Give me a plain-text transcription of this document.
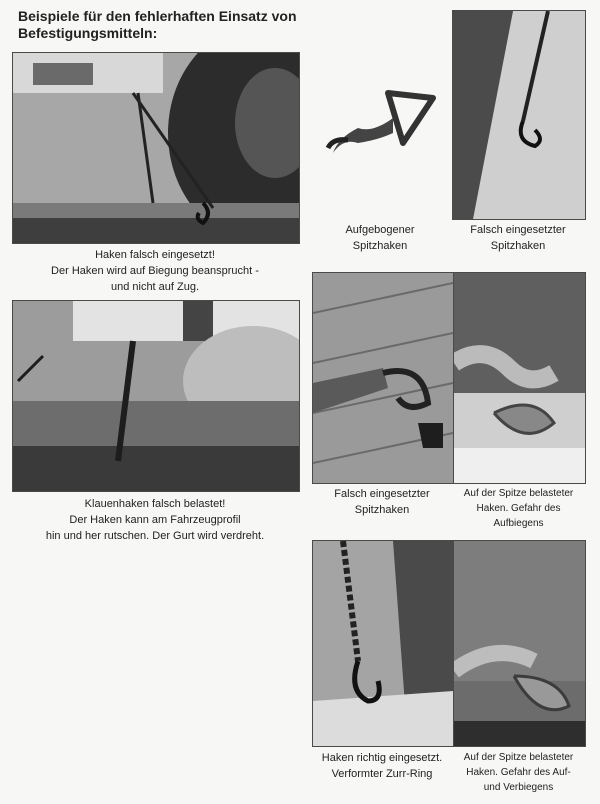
Beispiele für den fehlerhaften Einsatz von
Befestigungsmitteln:
Haken falsch eingesetzt!
Der Haken wird auf Biegung beansprucht -
und nicht auf Zug.
Klauenhaken falsch belastet!
Der Haken kann am Fahrzeugprofil
hin und her rutschen. Der Gurt wird verdreht.
Aufgebogener
Spitzhaken
Falsch eingesetzter
Spitzhaken
Falsch eingesetzter
Spitzhaken
Auf der Spitze belasteter
Haken. Gefahr des Aufbiegens
Haken richtig eingesetzt.
Verformter Zurr-Ring
Auf der Spitze belasteter
Haken. Gefahr des Auf-
und Verbiegens
